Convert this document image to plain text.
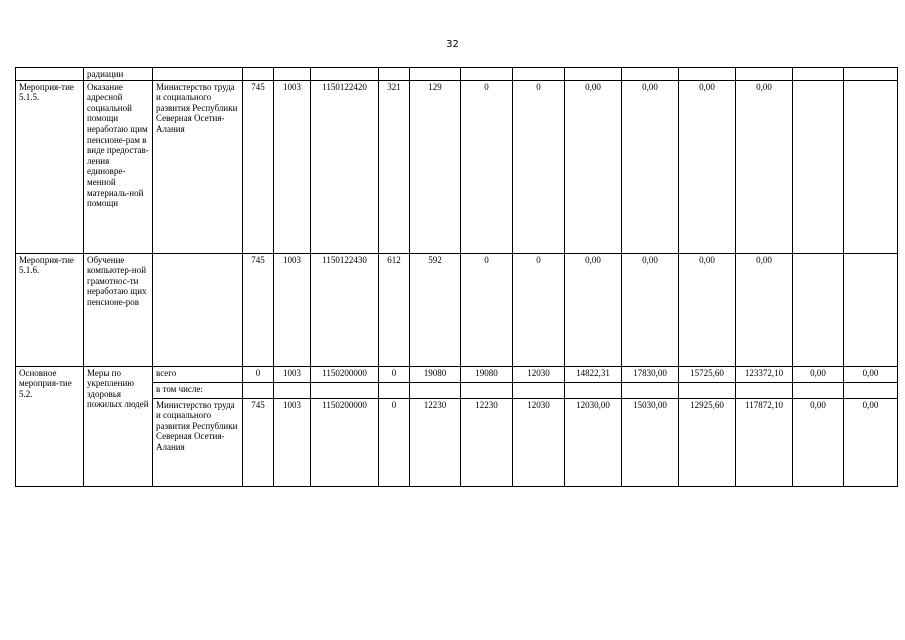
32
	радиации														
Мероприя-тие 5.1.5.	Оказание адресной социальной помощи неработаю щим пенсионе-рам в виде предостав-ления единовре-менной материаль-ной помощи	Министерство труда и социального развития Республики Северная Осетия-Алания	745	1003	1150122420	321	129	0	0	0,00	0,00	0,00	0,00		
Мероприя-тие 5.1.6.	Обучение компьютер-ной грамотнос-ти неработаю щих пенсионе-ров		745	1003	1150122430	612	592	0	0	0,00	0,00	0,00	0,00		
Основное мероприя-тие 5.2.	Меры по укреплению здоровья пожилых людей	всего	0	1003	1150200000	0	19080	19080	12030	14822,31	17830,00	15725,60	123372,10	0,00	0,00
		в том числе:													
		Министерство труда и социального развития Республики Северная Осетия-Алания	745	1003	1150200000	0	12230	12230	12030	12030,00	15030,00	12925,60	117872,10	0,00	0,00
